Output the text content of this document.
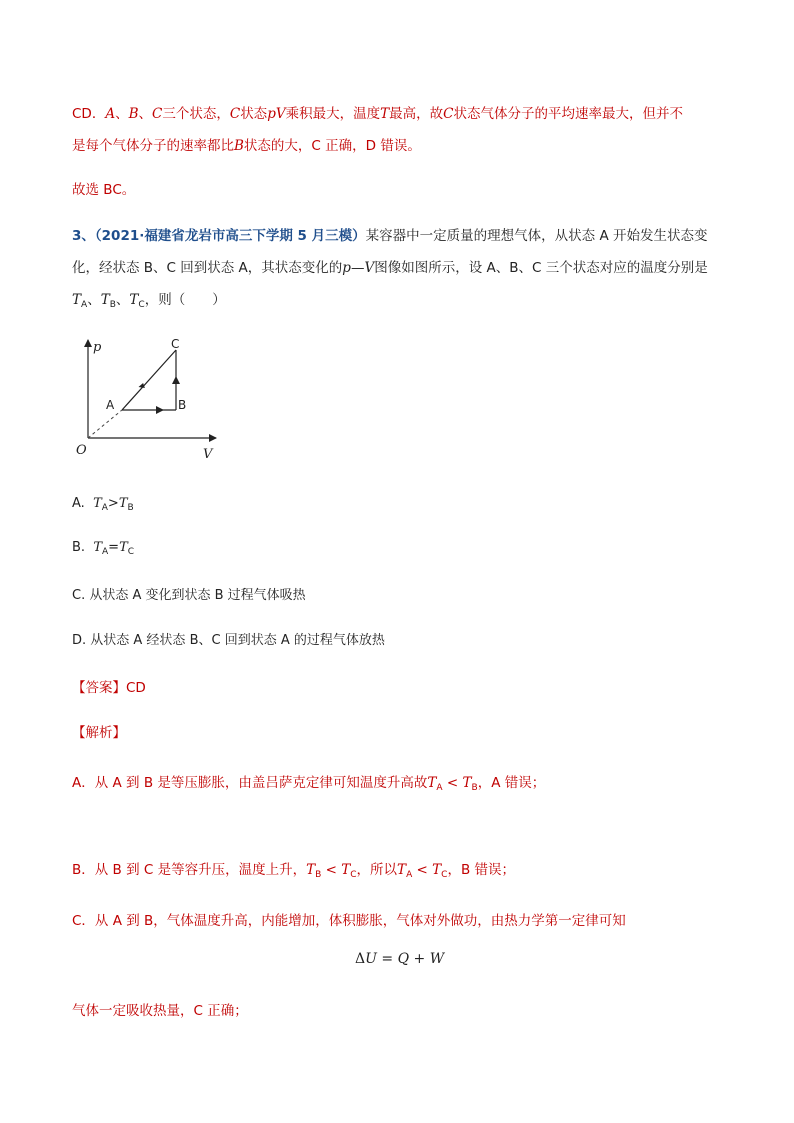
CD．A、B、C三个状态，C状态pV乘积最大，温度T最高，故C状态气体分子的平均速率最大，但并不
是每个气体分子的速率都比B状态的大，C 正确，D 错误。
故选 BC。
3、（2021·福建省龙岩市高三下学期 5 月三模）某容器中一定质量的理想气体，从状态 A 开始发生状态变
化，经状态 B、C 回到状态 A，其状态变化的p—V图像如图所示，设 A、B、C 三个状态对应的温度分别是
$T_A$、$T_B$、$T_C$，则（　　）
p
V
O
A	B
C
A. $T_A>T_B$
B. $T_A=T_C$
C. 从状态 A 变化到状态 B 过程气体吸热
D. 从状态 A 经状态 B、C 回到状态 A 的过程气体放热
【答案】CD
【解析】
A．从 A 到 B 是等压膨胀，由盖吕萨克定律可知温度升高故$T_A < T_B$，A 错误；
B．从 B 到 C 是等容升压，温度上升，$T_B < T_C$，所以$T_A < T_C$，B 错误；
C．从 A 到 B，气体温度升高，内能增加，体积膨胀，气体对外做功，由热力学第一定律可知
ΔU = Q + W
气体一定吸收热量，C 正确；
